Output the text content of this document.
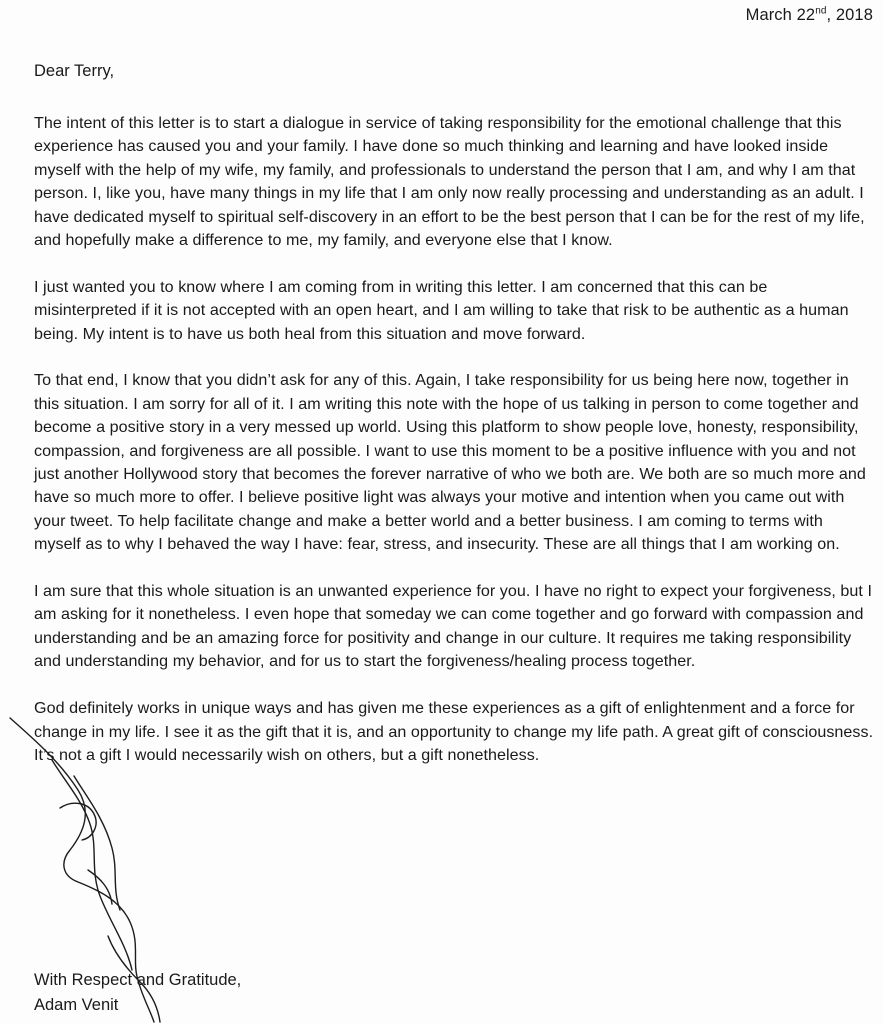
March 22nd, 2018
Dear Terry,

The intent of this letter is to start a dialogue in service of taking responsibility for the emotional challenge that this experience has caused you and your family. I have done so much thinking and learning and have looked inside myself with the help of my wife, my family, and professionals to understand the person that I am, and why I am that person. I, like you, have many things in my life that I am only now really processing and understanding as an adult. I have dedicated myself to spiritual self-discovery in an effort to be the best person that I can be for the rest of my life, and hopefully make a difference to me, my family, and everyone else that I know.

I just wanted you to know where I am coming from in writing this letter. I am concerned that this can be misinterpreted if it is not accepted with an open heart, and I am willing to take that risk to be authentic as a human being. My intent is to have us both heal from this situation and move forward.

To that end, I know that you didn’t ask for any of this. Again, I take responsibility for us being here now, together in this situation. I am sorry for all of it. I am writing this note with the hope of us talking in person to come together and become a positive story in a very messed up world. Using this platform to show people love, honesty, responsibility, compassion, and forgiveness are all possible. I want to use this moment to be a positive influence with you and not just another Hollywood story that becomes the forever narrative of who we both are. We both are so much more and have so much more to offer. I believe positive light was always your motive and intention when you came out with your tweet. To help facilitate change and make a better world and a better business. I am coming to terms with myself as to why I behaved the way I have: fear, stress, and insecurity. These are all things that I am working on.

I am sure that this whole situation is an unwanted experience for you. I have no right to expect your forgiveness, but I am asking for it nonetheless. I even hope that someday we can come together and go forward with compassion and understanding and be an amazing force for positivity and change in our culture. It requires me taking responsibility and understanding my behavior, and for us to start the forgiveness/healing process together.

God definitely works in unique ways and has given me these experiences as a gift of enlightenment and a force for change in my life. I see it as the gift that it is, and an opportunity to change my life path. A great gift of consciousness. It’s not a gift I would necessarily wish on others, but a gift nonetheless.

With Respect and Gratitude,
Adam Venit
